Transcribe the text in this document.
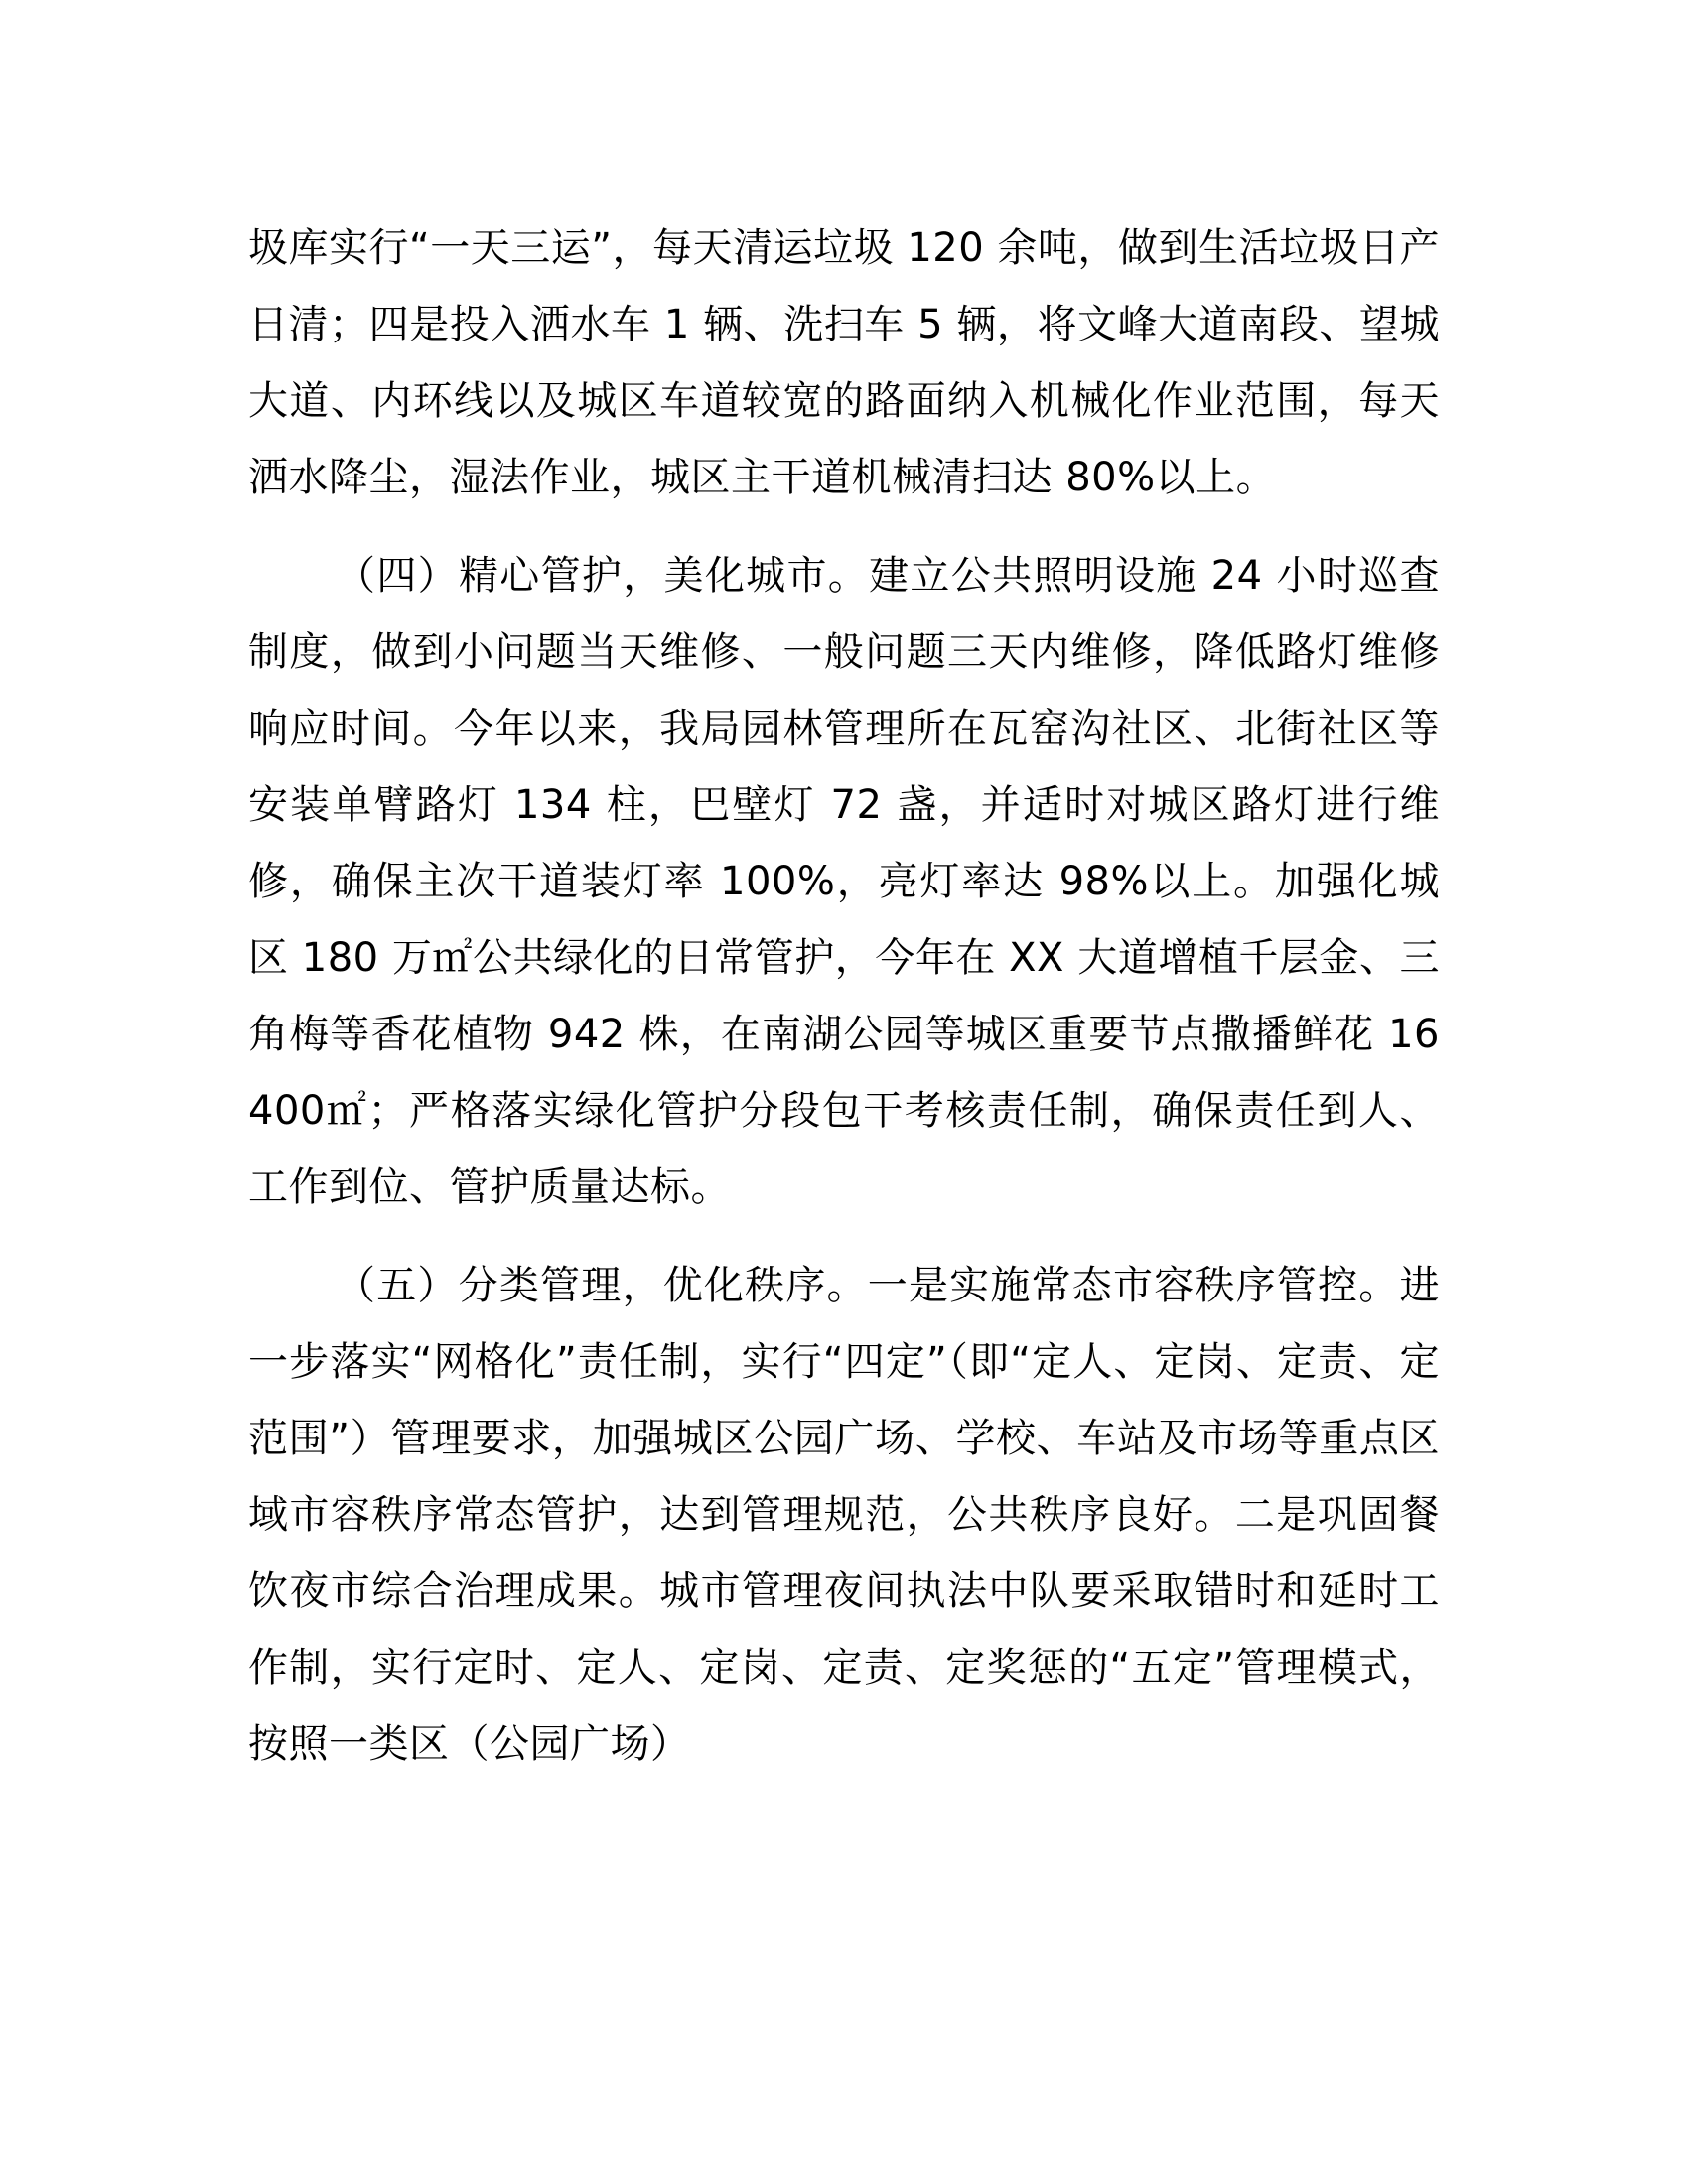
圾库实行“一天三运”，每天清运垃圾 120 余吨，做到生活垃圾日产日清；四是投入洒水车 1 辆、洗扫车 5 辆，将文峰大道南段、望城大道、内环线以及城区车道较宽的路面纳入机械化作业范围，每天洒水降尘，湿法作业，城区主干道机械清扫达 80%以上。

（四）精心管护，美化城市。建立公共照明设施 24 小时巡查制度，做到小问题当天维修、一般问题三天内维修，降低路灯维修响应时间。今年以来，我局园林管理所在瓦窑沟社区、北街社区等安装单臂路灯 134 柱，巴壁灯 72 盏，并适时对城区路灯进行维修，确保主次干道装灯率 100%，亮灯率达 98%以上。加强化城区 180 万㎡公共绿化的日常管护，今年在 XX 大道增植千层金、三角梅等香花植物 942 株，在南湖公园等城区重要节点撒播鲜花 16400㎡；严格落实绿化管护分段包干考核责任制，确保责任到人、工作到位、管护质量达标。

（五）分类管理，优化秩序。一是实施常态市容秩序管控。进一步落实“网格化”责任制，实行“四定”（即“定人、定岗、定责、定范围”）管理要求，加强城区公园广场、学校、车站及市场等重点区域市容秩序常态管护，达到管理规范，公共秩序良好。二是巩固餐饮夜市综合治理成果。城市管理夜间执法中队要采取错时和延时工作制，实行定时、定人、定岗、定责、定奖惩的“五定”管理模式，按照一类区（公园广场）
